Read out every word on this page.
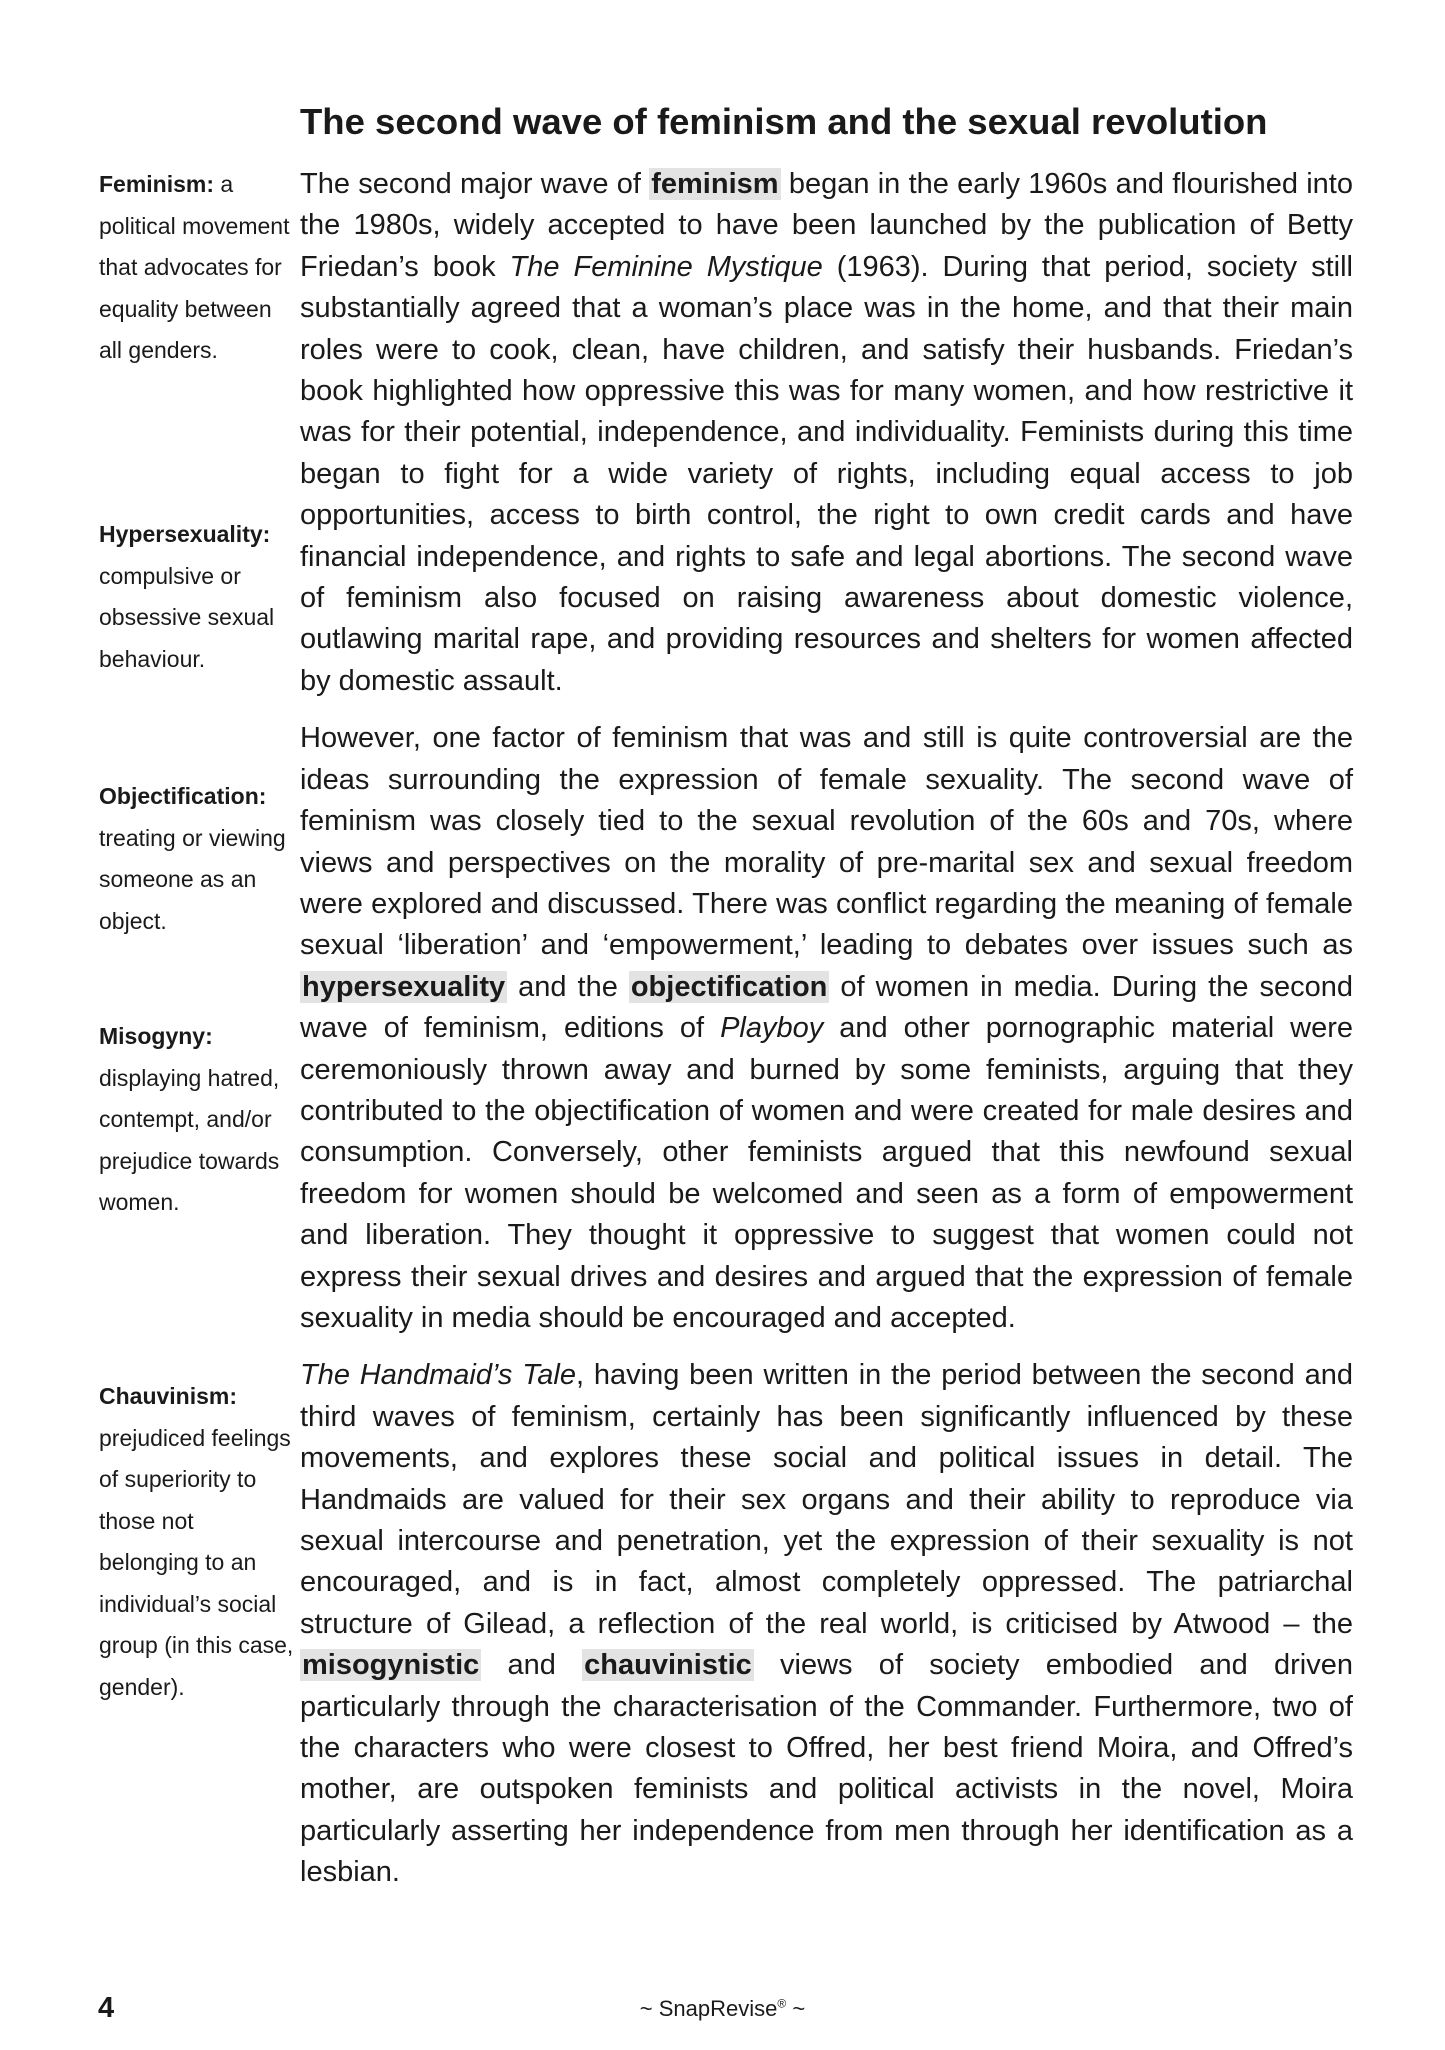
The second wave of feminism and the sexual revolution

Feminism: a political movement that advocates for equality between all genders.

Hypersexuality: compulsive or obsessive sexual behaviour.

Objectification: treating or viewing someone as an object.

Misogyny: displaying hatred, contempt, and/or prejudice towards women.

Chauvinism: prejudiced feelings of superiority to those not belonging to an individual’s social group (in this case, gender).

The second major wave of feminism began in the early 1960s and flourished into the 1980s, widely accepted to have been launched by the publication of Betty Friedan’s book The Feminine Mystique (1963). During that period, society still substantially agreed that a woman’s place was in the home, and that their main roles were to cook, clean, have children, and satisfy their husbands. Friedan’s book highlighted how oppressive this was for many women, and how restrictive it was for their potential, independence, and individuality. Feminists during this time began to fight for a wide variety of rights, including equal access to job opportunities, access to birth control, the right to own credit cards and have financial independence, and rights to safe and legal abortions. The second wave of feminism also focused on raising awareness about domestic violence, outlawing marital rape, and providing resources and shelters for women affected by domestic assault.

However, one factor of feminism that was and still is quite controversial are the ideas surrounding the expression of female sexuality. The second wave of feminism was closely tied to the sexual revolution of the 60s and 70s, where views and perspectives on the morality of pre-marital sex and sexual freedom were explored and discussed. There was conflict regarding the meaning of female sexual ‘liberation’ and ‘empowerment,’ leading to debates over issues such as hypersexuality and the objectification of women in media. During the second wave of feminism, editions of Playboy and other pornographic material were ceremoniously thrown away and burned by some feminists, arguing that they contributed to the objectification of women and were created for male desires and consumption. Conversely, other feminists argued that this newfound sexual freedom for women should be welcomed and seen as a form of empowerment and liberation. They thought it oppressive to suggest that women could not express their sexual drives and desires and argued that the expression of female sexuality in media should be encouraged and accepted.

The Handmaid’s Tale, having been written in the period between the second and third waves of feminism, certainly has been significantly influenced by these movements, and explores these social and political issues in detail. The Handmaids are valued for their sex organs and their ability to reproduce via sexual intercourse and penetration, yet the expression of their sexuality is not encouraged, and is in fact, almost completely oppressed. The patriarchal structure of Gilead, a reflection of the real world, is criticised by Atwood – the misogynistic and chauvinistic views of society embodied and driven particularly through the characterisation of the Commander. Furthermore, two of the characters who were closest to Offred, her best friend Moira, and Offred’s mother, are outspoken feminists and political activists in the novel, Moira particularly asserting her independence from men through her identification as a lesbian.

4	~ SnapRevise® ~
